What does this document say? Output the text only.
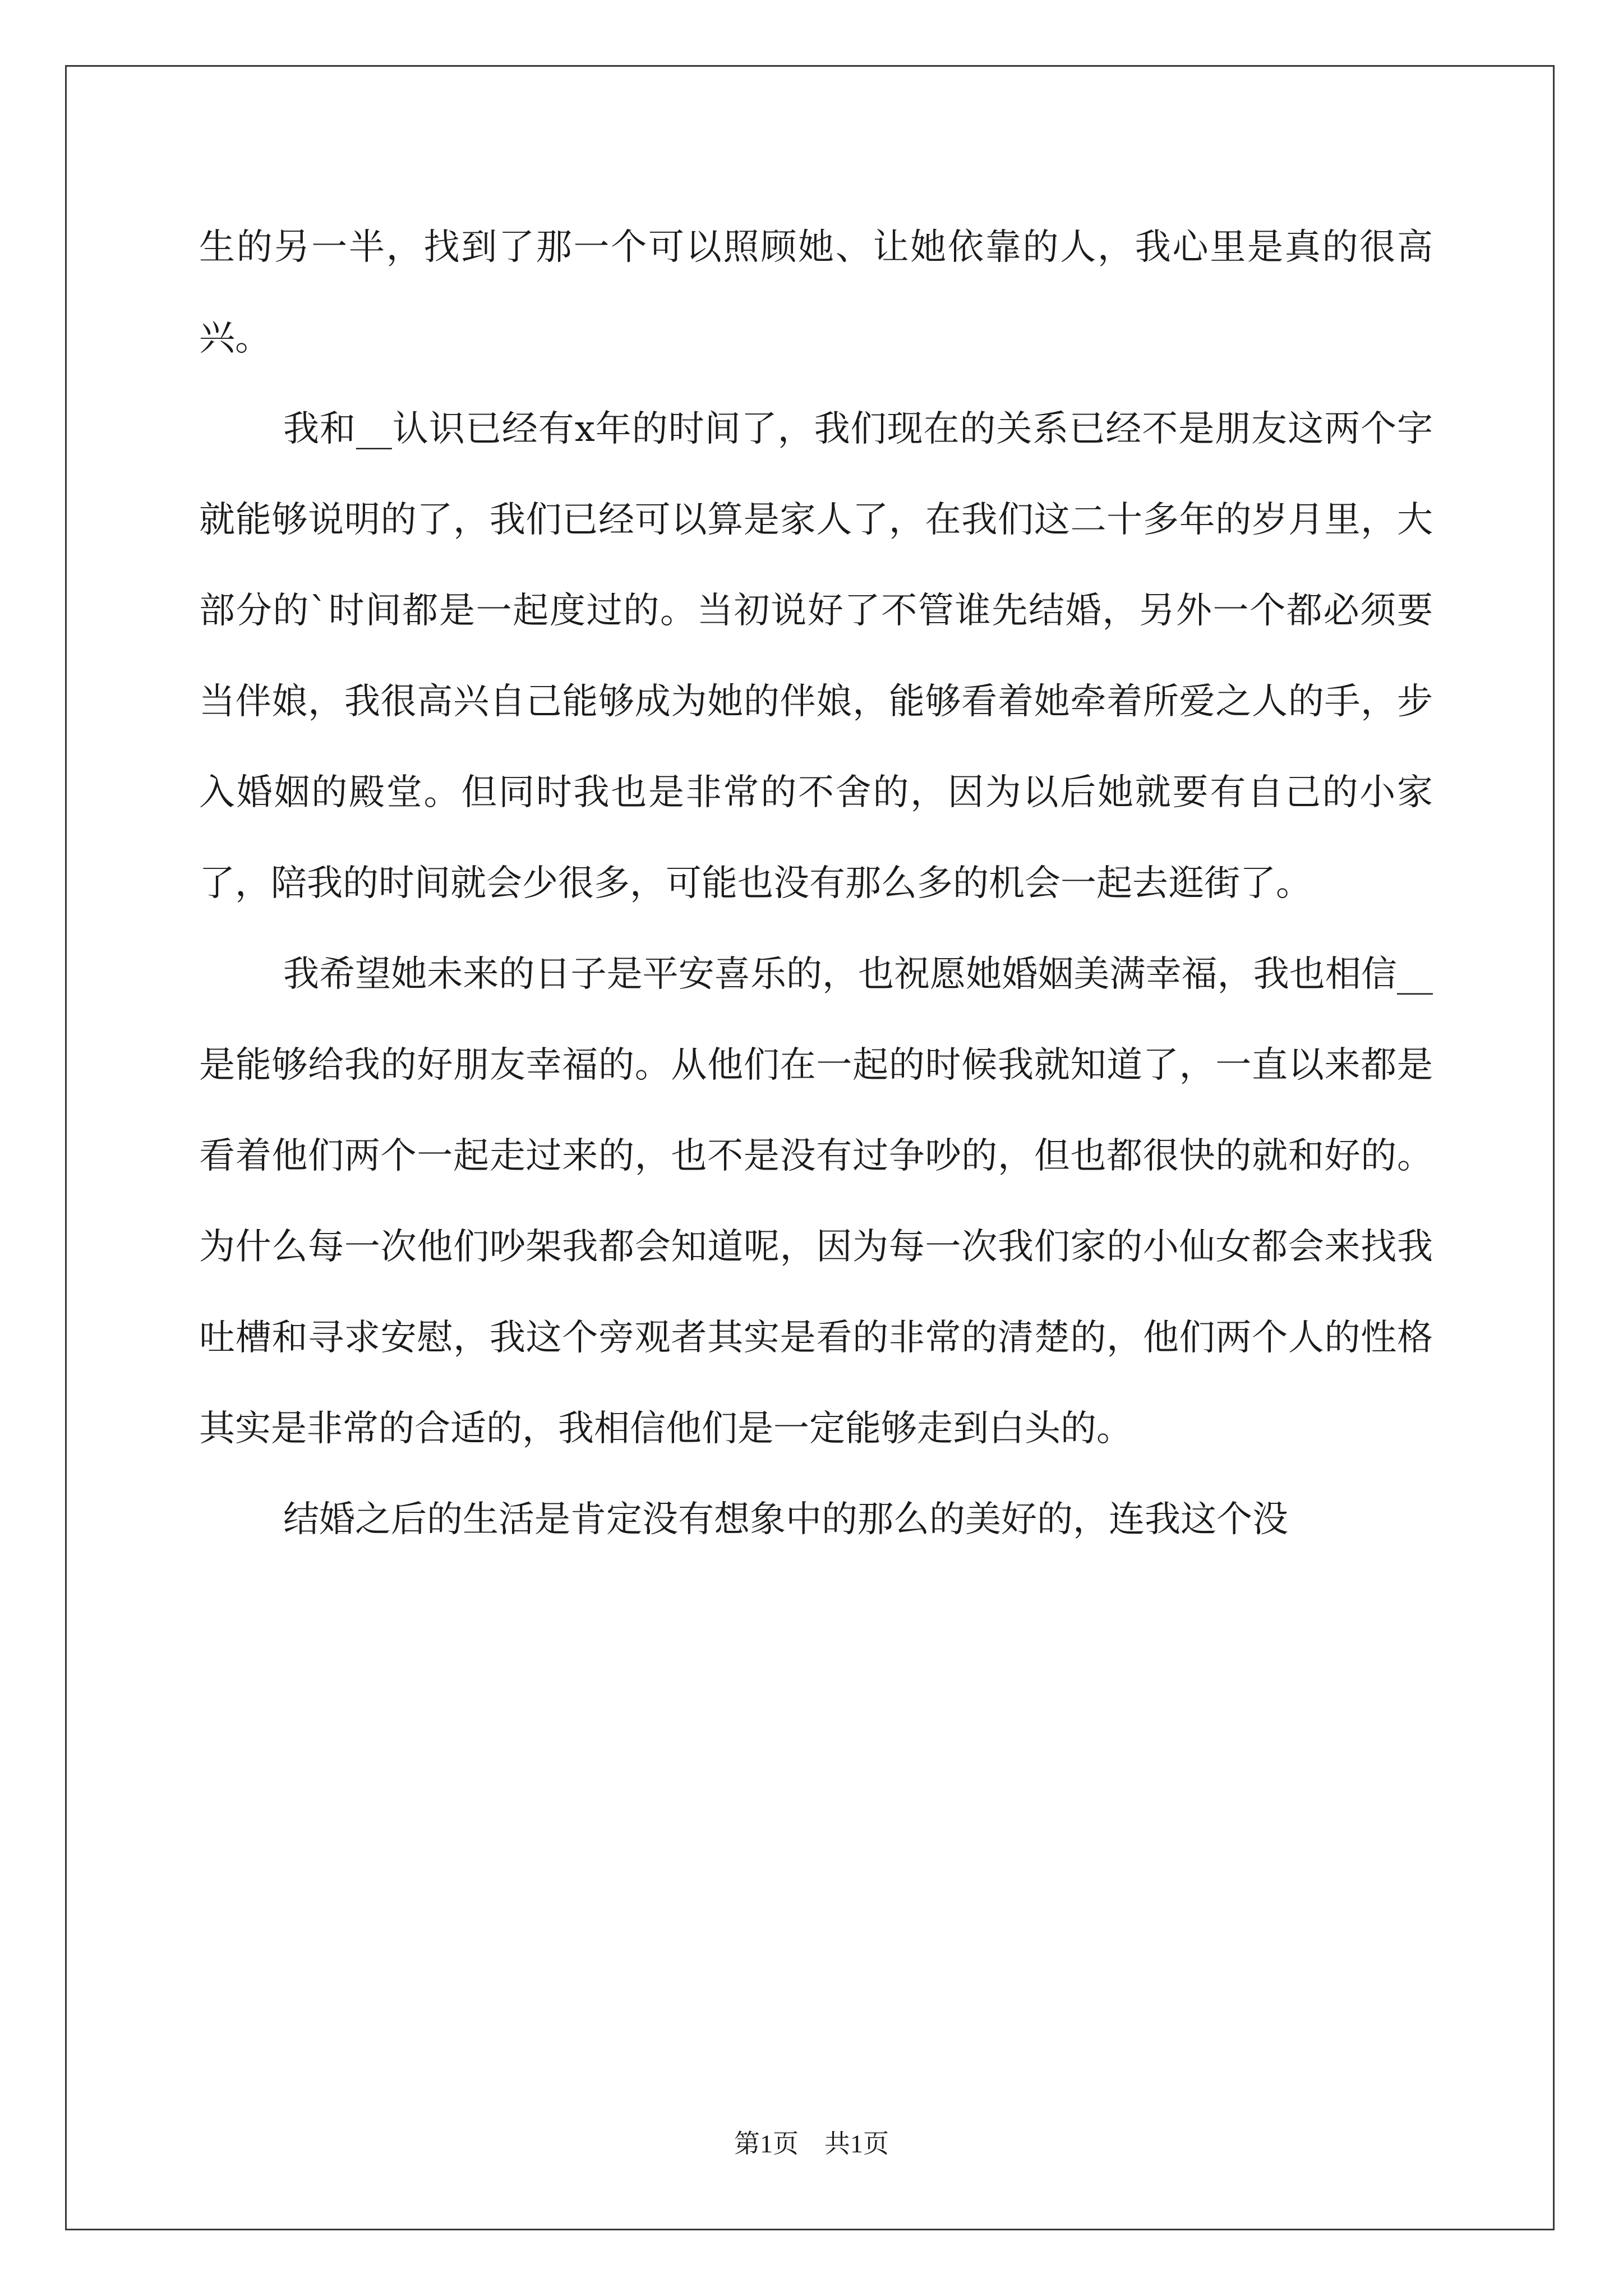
生的另一半，找到了那一个可以照顾她、让她依靠的人，我心里是真的很高兴。

我和__认识已经有x年的时间了，我们现在的关系已经不是朋友这两个字就能够说明的了，我们已经可以算是家人了，在我们这二十多年的岁月里，大部分的`时间都是一起度过的。当初说好了不管谁先结婚，另外一个都必须要当伴娘，我很高兴自己能够成为她的伴娘，能够看着她牵着所爱之人的手，步入婚姻的殿堂。但同时我也是非常的不舍的，因为以后她就要有自己的小家了，陪我的时间就会少很多，可能也没有那么多的机会一起去逛街了。

我希望她未来的日子是平安喜乐的，也祝愿她婚姻美满幸福，我也相信__是能够给我的好朋友幸福的。从他们在一起的时候我就知道了，一直以来都是看着他们两个一起走过来的，也不是没有过争吵的，但也都很快的就和好的。为什么每一次他们吵架我都会知道呢，因为每一次我们家的小仙女都会来找我吐槽和寻求安慰，我这个旁观者其实是看的非常的清楚的，他们两个人的性格其实是非常的合适的，我相信他们是一定能够走到白头的。

结婚之后的生活是肯定没有想象中的那么的美好的，连我这个没

第1页　共1页
